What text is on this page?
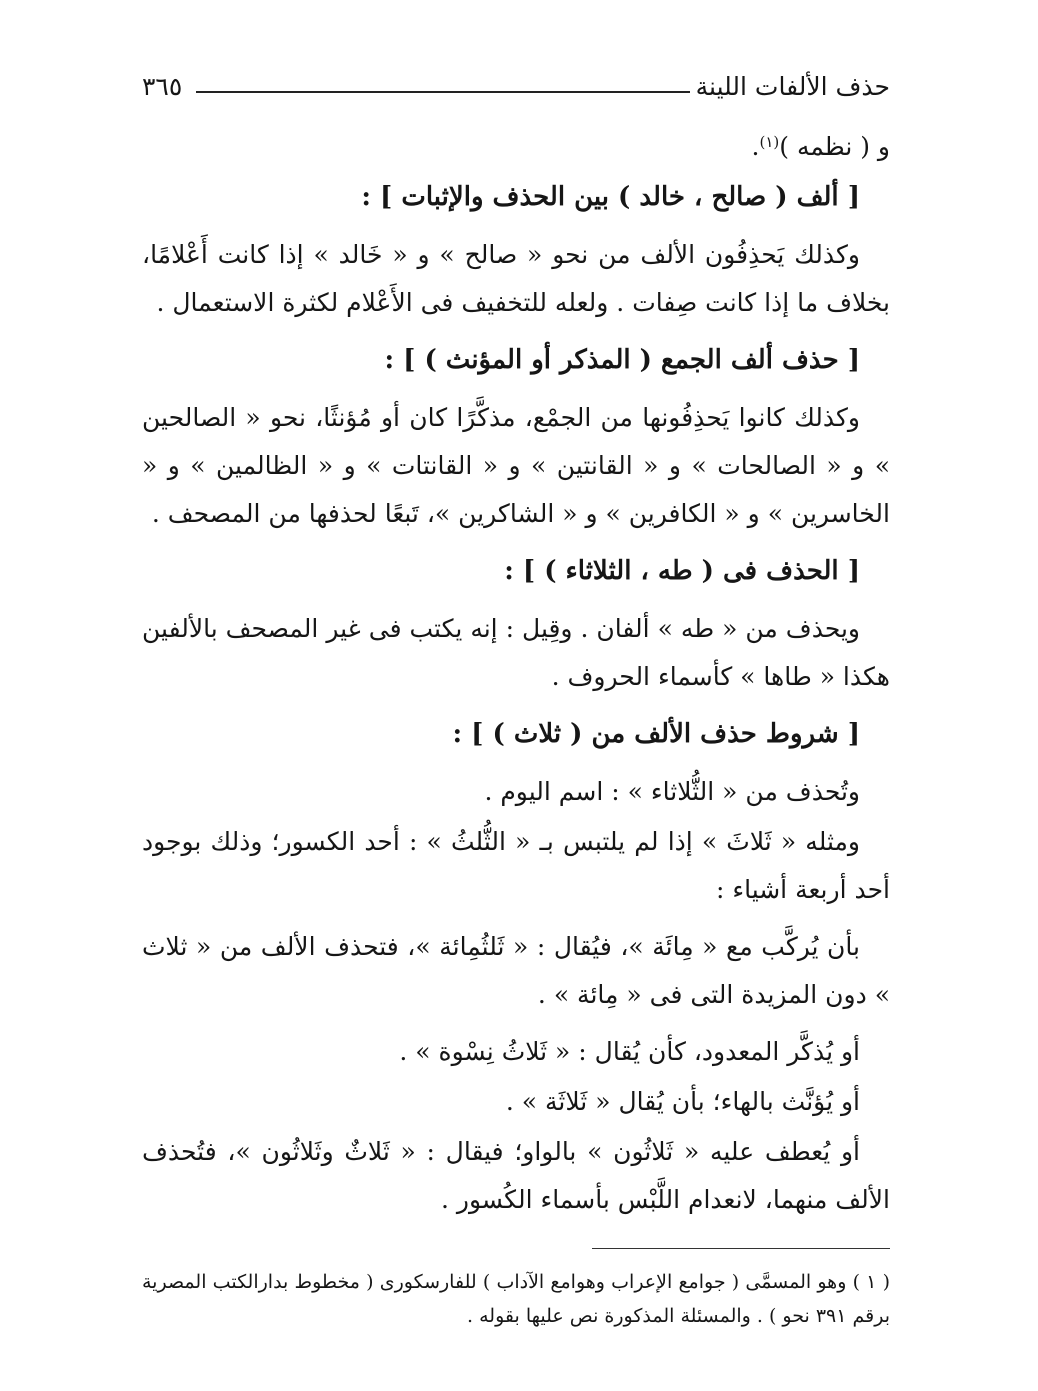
حذف الألفات اللينة
٣٦٥

و ( نظمه )$^{(١)}$.

[ ألف ( صالح ، خالد ) بين الحذف والإثبات ] :

وكذلك يَحذِفُون الألف من نحو « صالح » و « خَالد » إذا كانت أَعْلامًا، بخلاف ما إذا كانت صِفات . ولعله للتخفيف فى الأَعْلام لكثرة الاستعمال .

[ حذف ألف الجمع ( المذكر أو المؤنث ) ] :

وكذلك كانوا يَحذِفُونها من الجمْع، مذكَّرًا كان أو مُؤنثًا، نحو « الصالحين » و « الصالحات » و « القانتين » و « القانتات » و « الظالمين » و « الخاسرين » و « الكافرين » و « الشاكرين »، تَبعًا لحذفها من المصحف .

[ الحذف فى ( طه ، الثلاثاء ) ] :

ويحذف من « طه » ألفان . وقِيل : إنه يكتب فى غير المصحف بالألفين هكذا « طاها » كأسماء الحروف .

[ شروط حذف الألف من ( ثلاث ) ] :

وتُحذف من « الثُّلاثاء » : اسم اليوم .

ومثله « ثَلاثَ » إذا لم يلتبس بـ « الثُّلثُ » : أحد الكسور؛ وذلك بوجود أحد أربعة أشياء :

بأن يُركَّب مع « مِائَة »، فيُقال : « ثَلثُمِائة »، فتحذف الألف من « ثلاث » دون المزيدة التى فى « مِائة » .

أو يُذكَّر المعدود، كأن يُقال : « ثَلاثُ نِسْوة » .

أو يُؤنَّث بالهاء؛ بأن يُقال « ثَلاثَة » .

أو يُعطف عليه « ثَلاثُون » بالواو؛ فيقال : « ثَلاثٌ وثَلاثُون »، فتُحذف الألف منهما، لانعدام اللَّبْس بأسماء الكُسور .

( ١ ) وهو المسمَّى ( جوامع الإعراب وهوامع الآداب ) للفارسكورى ( مخطوط بدارالكتب المصرية برقم ٣٩١ نحو ) . والمسئلة المذكورة نص عليها بقوله .
